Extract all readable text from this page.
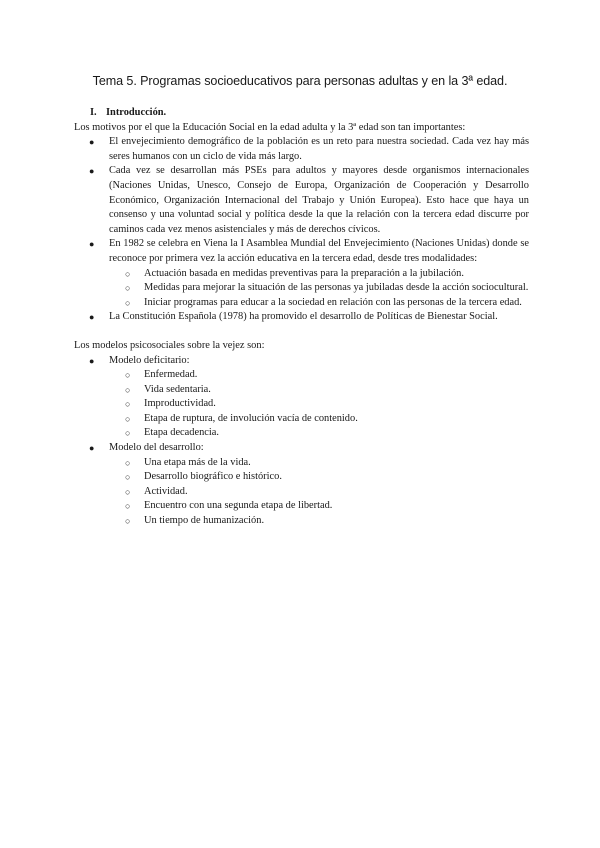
Tema 5. Programas socioeducativos para personas adultas y en la 3ª edad.
I. Introducción.

Los motivos por el que la Educación Social en la edad adulta y la 3ª edad son tan importantes:

● El envejecimiento demográfico de la población es un reto para nuestra sociedad. Cada vez hay más seres humanos con un ciclo de vida más largo.
● Cada vez se desarrollan más PSEs para adultos y mayores desde organismos internacionales (Naciones Unidas, Unesco, Consejo de Europa, Organización de Cooperación y Desarrollo Económico, Organización Internacional del Trabajo y Unión Europea). Esto hace que haya un consenso y una voluntad social y política desde la que la relación con la tercera edad discurre por caminos cada vez menos asistenciales y más de derechos cívicos.
● En 1982 se celebra en Viena la I Asamblea Mundial del Envejecimiento (Naciones Unidas) donde se reconoce por primera vez la acción educativa en la tercera edad, desde tres modalidades:
○ Actuación basada en medidas preventivas para la preparación a la jubilación.
○ Medidas para mejorar la situación de las personas ya jubiladas desde la acción sociocultural.
○ Iniciar programas para educar a la sociedad en relación con las personas de la tercera edad.
● La Constitución Española (1978) ha promovido el desarrollo de Políticas de Bienestar Social.

Los modelos psicosociales sobre la vejez son:

● Modelo deficitario:
○ Enfermedad.
○ Vida sedentaria.
○ Improductividad.
○ Etapa de ruptura, de involución vacía de contenido.
○ Etapa decadencia.
● Modelo del desarrollo:
○ Una etapa más de la vida.
○ Desarrollo biográfico e histórico.
○ Actividad.
○ Encuentro con una segunda etapa de libertad.
○ Un tiempo de humanización.
